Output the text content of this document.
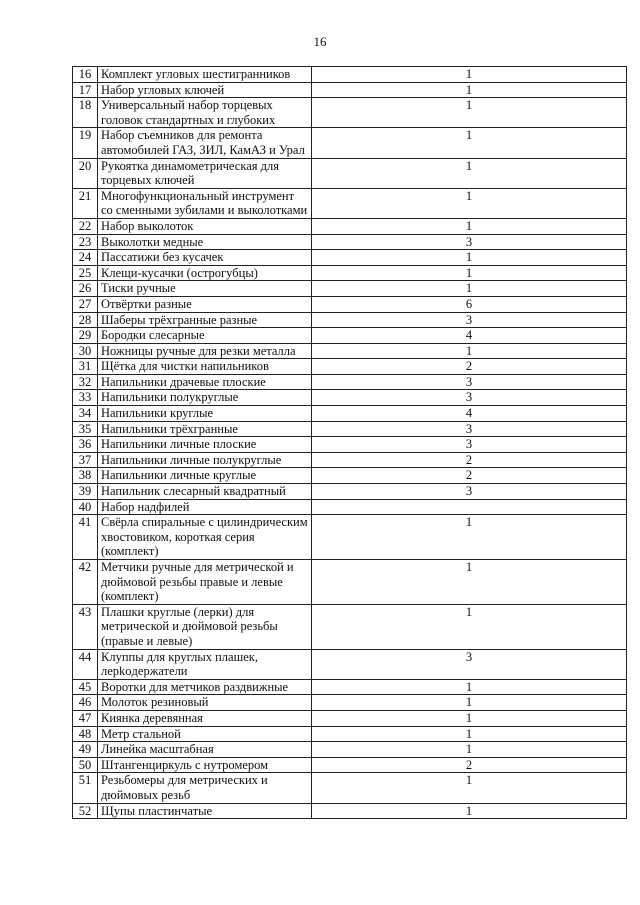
16
16	Комплект угловых шестигранников	1
17	Набор угловых ключей	1
18	Универсальный набор торцевых головок стандартных и глубоких	1
19	Набор съемников для ремонта автомобилей ГАЗ, ЗИЛ, КамАЗ и Урал	1
20	Рукоятка динамометрическая для торцевых ключей	1
21	Многофункциональный инструмент со сменными зубилами и выколотками	1
22	Набор выколоток	1
23	Выколотки медные	3
24	Пассатижи без кусачек	1
25	Клещи-кусачки (острогубцы)	1
26	Тиски ручные	1
27	Отвёртки разные	6
28	Шаберы трёхгранные разные	3
29	Бородки слесарные	4
30	Ножницы ручные для резки металла	1
31	Щётка для чистки напильников	2
32	Напильники драчевые плоские	3
33	Напильники полукруглые	3
34	Напильники круглые	4
35	Напильники трёхгранные	3
36	Напильники личные плоские	3
37	Напильники личные полукруглые	2
38	Напильники личные круглые	2
39	Напильник слесарный квадратный	3
40	Набор надфилей	
41	Свёрла спиральные с цилиндрическим хвостовиком, короткая серия (комплект)	1
42	Метчики ручные для метрической и дюймовой резьбы правые и левые (комплект)	1
43	Плашки круглые (лерки) для метрической и дюймовой резьбы (правые и левые)	1
44	Клуппы для круглых плашек, лерkoдержатели	3
45	Воротки для метчиков раздвижные	1
46	Молоток резиновый	1
47	Киянка деревянная	1
48	Метр стальной	1
49	Линейка масштабная	1
50	Штангенциркуль с нутромером	2
51	Резьбомеры для метрических и дюймовых резьб	1
52	Щупы пластинчатые	1
